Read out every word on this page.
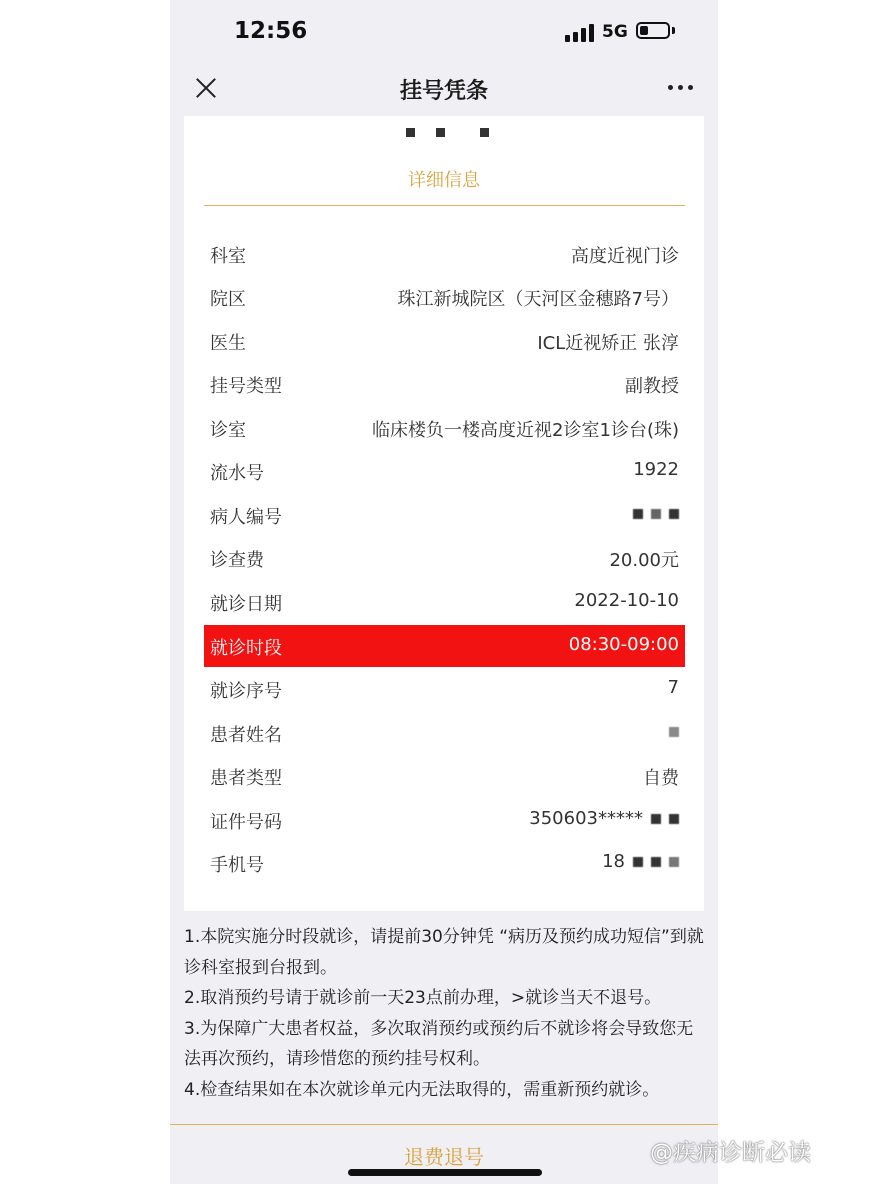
12:56	5G
挂号凭条
详细信息
科室	高度近视门诊
院区	珠江新城院区（天河区金穗路7号）
医生	ICL近视矫正 张淳
挂号类型	副教授
诊室	临床楼负一楼高度近视2诊室1诊台(珠)
流水号	1922
病人编号
诊查费	20.00元
就诊日期	2022-10-10
就诊时段	08:30-09:00
就诊序号	7
患者姓名
患者类型	自费
证件号码	350603*****
手机号	18
1.本院实施分时段就诊，请提前30分钟凭 “病历及预约成功短信”到就诊科室报到台报到。
2.取消预约号请于就诊前一天23点前办理，>就诊当天不退号。
3.为保障广大患者权益，多次取消预约或预约后不就诊将会导致您无法再次预约，请珍惜您的预约挂号权利。
4.检查结果如在本次就诊单元内无法取得的，需重新预约就诊。
退费退号	@疾病诊断必读
